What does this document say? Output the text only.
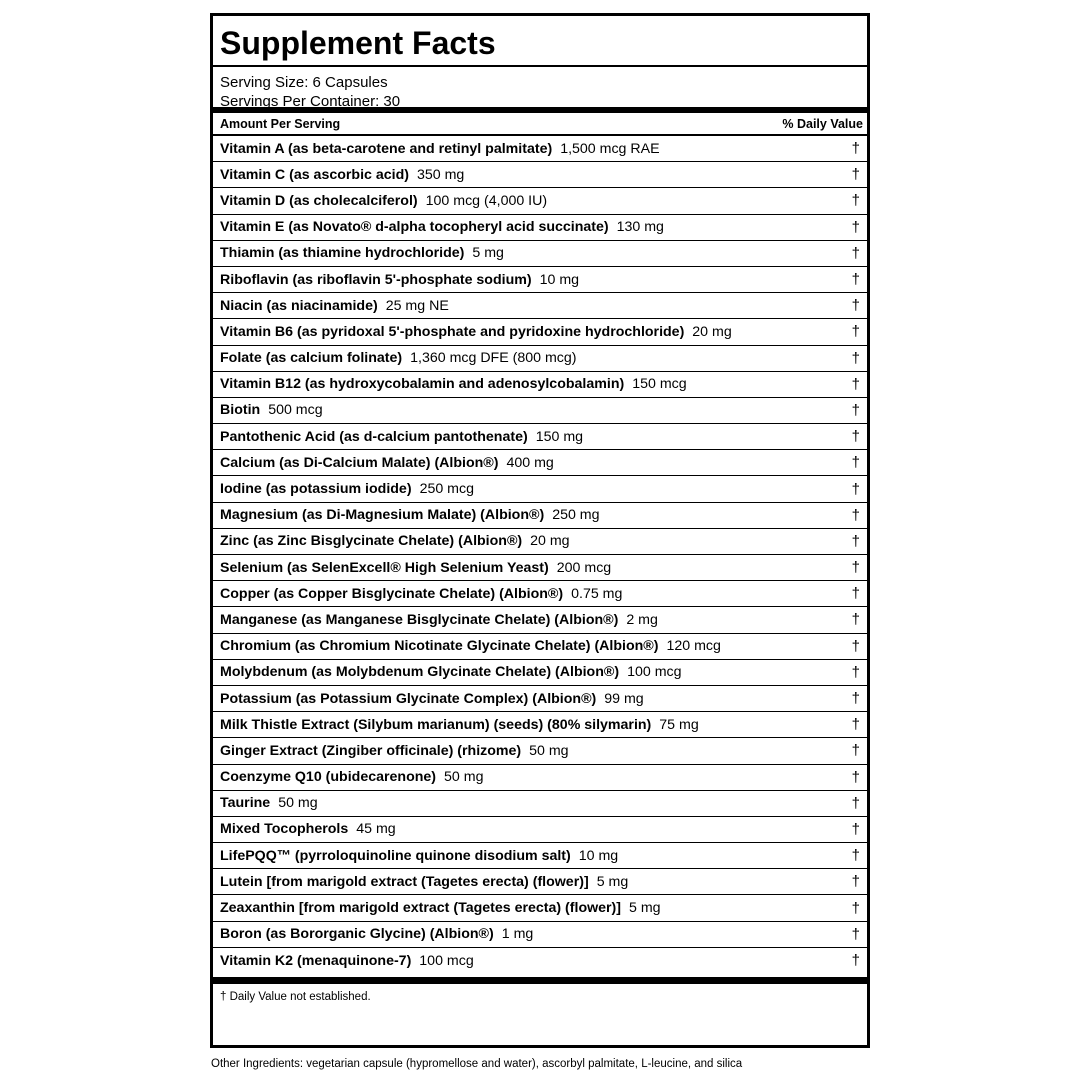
Supplement Facts
Serving Size: 6 Capsules
Servings Per Container: 30
Amount Per Serving	% Daily Value
Vitamin A (as beta-carotene and retinyl palmitate) 1,500 mcg RAE	†
Vitamin C (as ascorbic acid) 350 mg	†
Vitamin D (as cholecalciferol) 100 mcg (4,000 IU)	†
Vitamin E (as Novato® d-alpha tocopheryl acid succinate) 130 mg	†
Thiamin (as thiamine hydrochloride) 5 mg	†
Riboflavin (as riboflavin 5'-phosphate sodium) 10 mg	†
Niacin (as niacinamide) 25 mg NE	†
Vitamin B6 (as pyridoxal 5'-phosphate and pyridoxine hydrochloride) 20 mg	†
Folate (as calcium folinate) 1,360 mcg DFE (800 mcg)	†
Vitamin B12 (as hydroxycobalamin and adenosylcobalamin) 150 mcg	†
Biotin 500 mcg	†
Pantothenic Acid (as d-calcium pantothenate) 150 mg	†
Calcium (as Di-Calcium Malate) (Albion®) 400 mg	†
Iodine (as potassium iodide) 250 mcg	†
Magnesium (as Di-Magnesium Malate) (Albion®) 250 mg	†
Zinc (as Zinc Bisglycinate Chelate) (Albion®) 20 mg	†
Selenium (as SelenExcell® High Selenium Yeast) 200 mcg	†
Copper (as Copper Bisglycinate Chelate) (Albion®) 0.75 mg	†
Manganese (as Manganese Bisglycinate Chelate) (Albion®) 2 mg	†
Chromium (as Chromium Nicotinate Glycinate Chelate) (Albion®) 120 mcg	†
Molybdenum (as Molybdenum Glycinate Chelate) (Albion®) 100 mcg	†
Potassium (as Potassium Glycinate Complex) (Albion®) 99 mg	†
Milk Thistle Extract (Silybum marianum) (seeds) (80% silymarin) 75 mg	†
Ginger Extract (Zingiber officinale) (rhizome) 50 mg	†
Coenzyme Q10 (ubidecarenone) 50 mg	†
Taurine 50 mg	†
Mixed Tocopherols 45 mg	†
LifePQQ™ (pyrroloquinoline quinone disodium salt) 10 mg	†
Lutein [from marigold extract (Tagetes erecta) (flower)] 5 mg	†
Zeaxanthin [from marigold extract (Tagetes erecta) (flower)] 5 mg	†
Boron (as Bororganic Glycine) (Albion®) 1 mg	†
Vitamin K2 (menaquinone-7) 100 mcg	†
† Daily Value not established.
Other Ingredients: vegetarian capsule (hypromellose and water), ascorbyl palmitate, L-leucine, and silica
